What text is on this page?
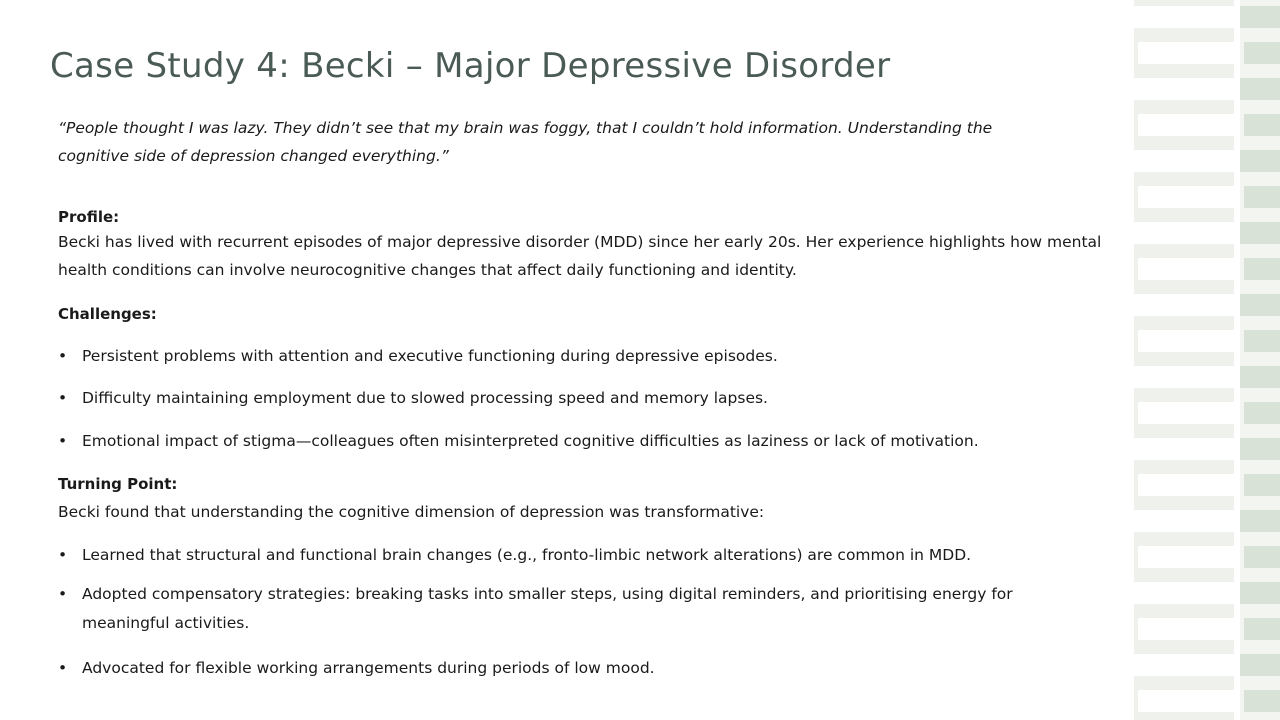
Case Study 4: Becki – Major Depressive Disorder

“People thought I was lazy. They didn’t see that my brain was foggy, that I couldn’t hold information. Understanding the cognitive side of depression changed everything.”

Profile:

Becki has lived with recurrent episodes of major depressive disorder (MDD) since her early 20s. Her experience highlights how mental health conditions can involve neurocognitive changes that affect daily functioning and identity.

Challenges:

• Persistent problems with attention and executive functioning during depressive episodes.
• Difficulty maintaining employment due to slowed processing speed and memory lapses.
• Emotional impact of stigma—colleagues often misinterpreted cognitive difficulties as laziness or lack of motivation.

Turning Point:

Becki found that understanding the cognitive dimension of depression was transformative:

• Learned that structural and functional brain changes (e.g., fronto-limbic network alterations) are common in MDD.
• Adopted compensatory strategies: breaking tasks into smaller steps, using digital reminders, and prioritising energy for meaningful activities.
• Advocated for flexible working arrangements during periods of low mood.
